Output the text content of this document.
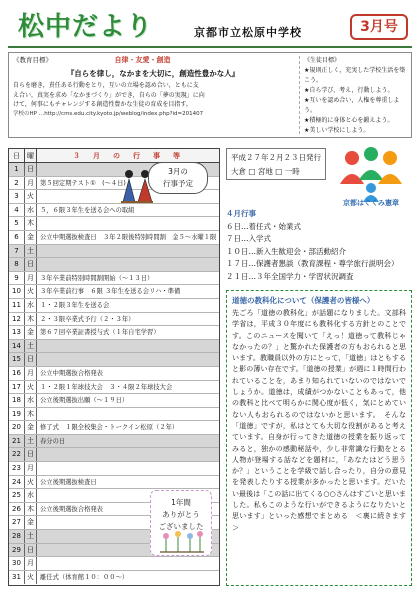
松中だより	京都市立松原中学校	3月号
《教育目標》	自律・友愛・創造
『自らを律し，なかまを大切に，創造性豊かな人』
自らを磨き，責任ある行動をとり，互いの立場を認め合い，ともに支
え合い，真実を求め「なかまづくり」ができ，自らの「夢の実現」に向
けて，何事にもチャレンジする創造性豊かな生徒の育成を目指す。
学校のHP …http://cms.edu.city.kyoto.jp/weblog/index.php?id=201407
《生徒目標》
★規則正しく，充実した学校生活を築こう。
★自ら学び，考え，行動しよう。
★互いを認め合い，人権を尊重しよう。
★積極的に身体と心を鍛えよう。
★美しい学校にしよう。
日	曜	３　月　の　行　事　等
1	日
2	月 第５回定期テスト①　(～４日)
3	火
4	水 ５，６限３年生を送る会への取組
5	木
6	金 公立中期選抜検査日　３年２限後特別時間割　金５～水曜１限
7	土
8	日
9	月 ３年卒業前特別時間割開始（～１３日）
10 火 ３年卒業前行事　６限 ３年生を送る会リハ・準備
11 水 １・２限３年生を送る会
12 木 ２・３限卒業式予行（２・３年）
13 金 第６７回卒業証書授与式（１年自宅学習）
14 土
15 日
16 月 公立中期選抜合格発表
17 火 １・２限１年球技大会　３・４限２年球技大会
18 水 公立後期選抜出願（～１９日）
19 木
20 金 修了式　１限全校集会・トークイン松原（２年）
21 土 春分の日
22 日
23 月
24 火 公立後期選抜検査日
25 水
26 木 公立後期選抜合格発表
27 金
28 土
29 日
30 月
31 火 離任式（体育館１０：００～）
3月の
行事予定
1年間
ありがとう
ございました
平成２７年２月２３日発行
大倉 □ 宮地 □ 一時
京都はぐくみ憲章
４月行事
６日…着任式・始業式
７日…入学式
１０日…新入生歓迎会・部活動紹介
１７日…保護者懇談（教育課程・尊学旅行説明会）
２１日…３年全国学力・学習状況調査
道徳の教科化について（保護者の皆様へ）
先ごろ「道徳の教科化」が話題になりました。文部科学省は，平成３０年度にも教科化する方針とのことです。このニュースを聞いて「えっ！道徳って教科じゃなかったの？」と驚かれた保護者の方もおられると思います。教職員以外の方にとって，「道徳」はともすると影の薄い存在です。「道徳の授業」が週に１時間行われていることを，あまり知られていないのではないでしょうか。道徳は，成績がつかないこともあって，他の教科と比べて明らかに関心度が低く，気にとめていない人もおられるのではないかと思います。　そんな「道徳」ですが，私はとても大切な役割があると考えています。自身が行ってきた道徳の授業を振り返ってみると，独かの感動秘話や，少し非常識な行動をとる人物が登場する話などを題材に，「あなたはどう思うか？」ということを学級で話し合ったり，自分の意見を発表したりする授業が多かったと思います。だいたい最後は「この話に出てくる○○さんはすごいと思いました。私もこのような行いができるようになりたいと思います」といった感想でまとめる　＜裏に続きます＞
